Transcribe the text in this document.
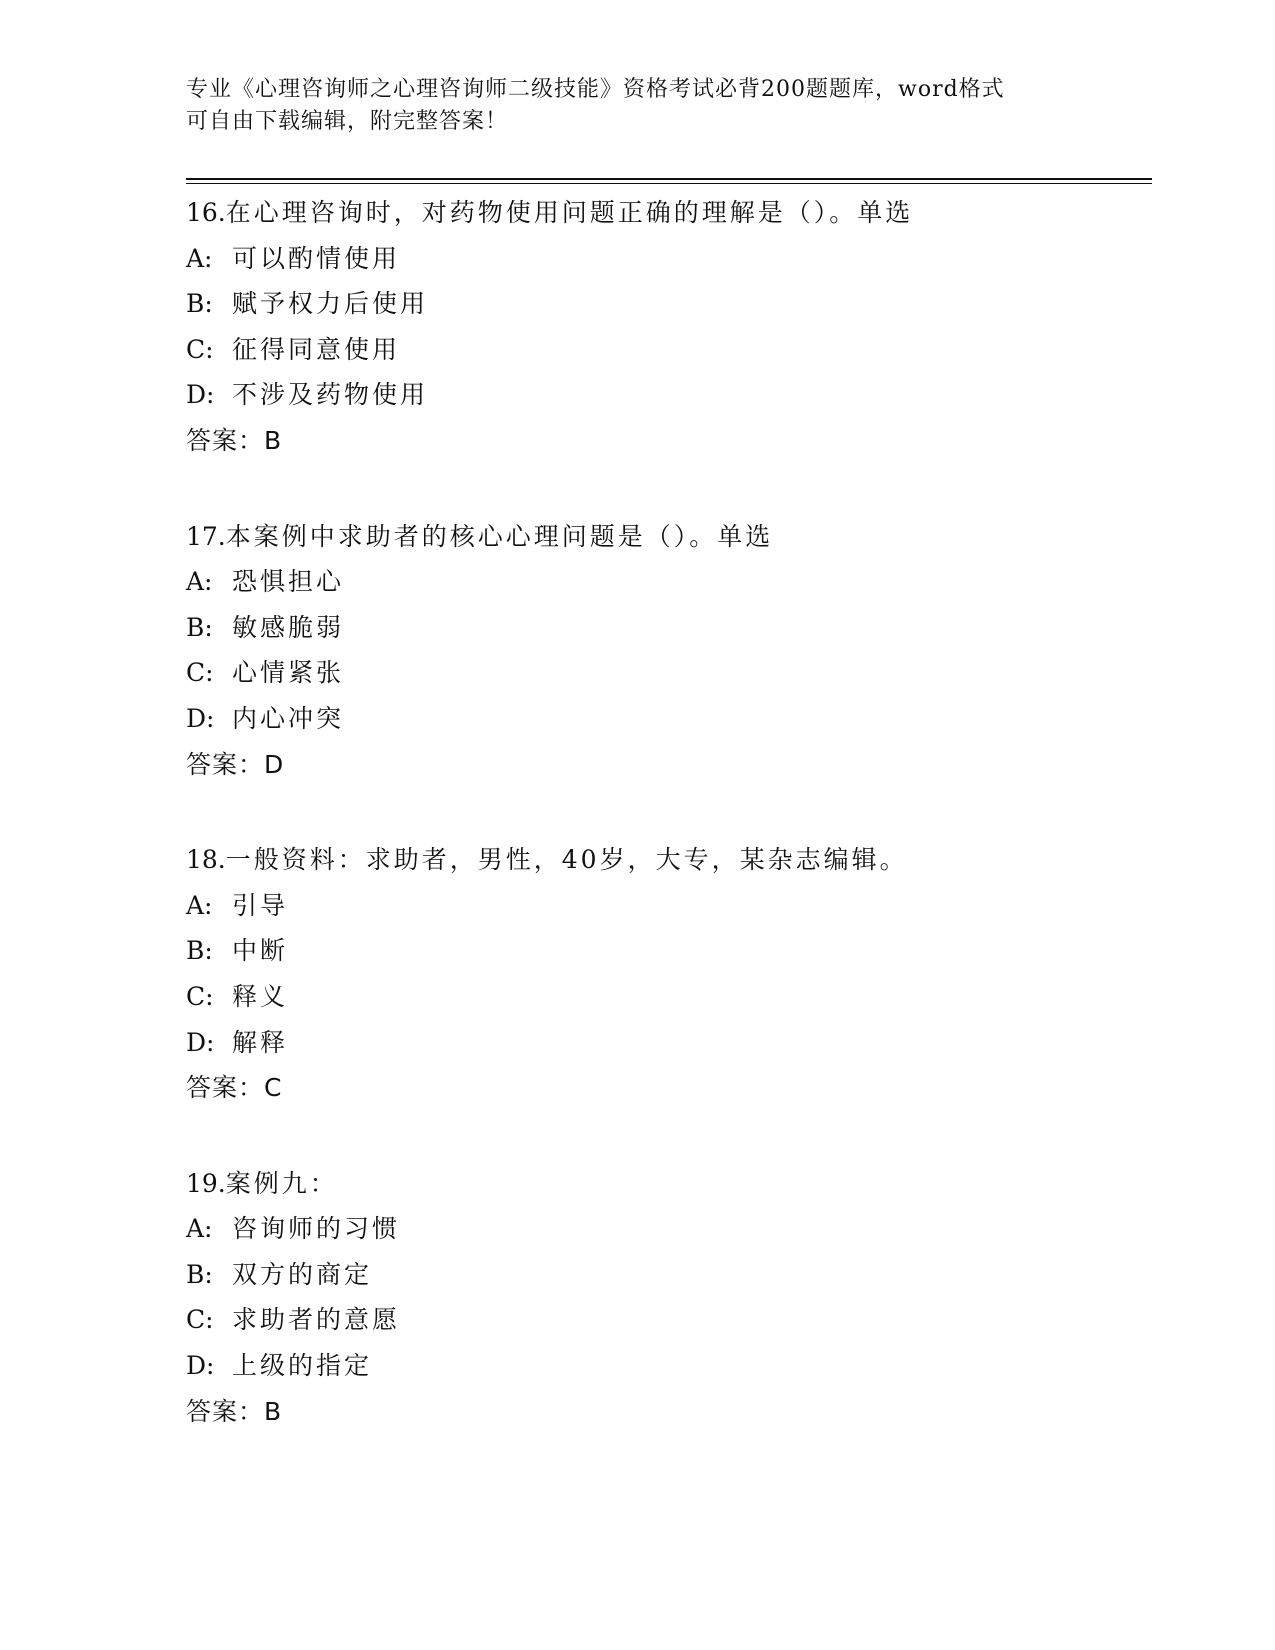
专业《心理咨询师之心理咨询师二级技能》资格考试必背200题题库，word格式
可自由下载编辑，附完整答案！
16.在心理咨询时，对药物使用问题正确的理解是（）。单选
A: 可以酌情使用
B: 赋予权力后使用
C: 征得同意使用
D: 不涉及药物使用
答案：B
17.本案例中求助者的核心心理问题是（）。单选
A: 恐惧担心
B: 敏感脆弱
C: 心情紧张
D: 内心冲突
答案：D
18.一般资料：求助者，男性，40岁，大专，某杂志编辑。
A: 引导
B: 中断
C: 释义
D: 解释
答案：C
19.案例九：
A: 咨询师的习惯
B: 双方的商定
C: 求助者的意愿
D: 上级的指定
答案：B
